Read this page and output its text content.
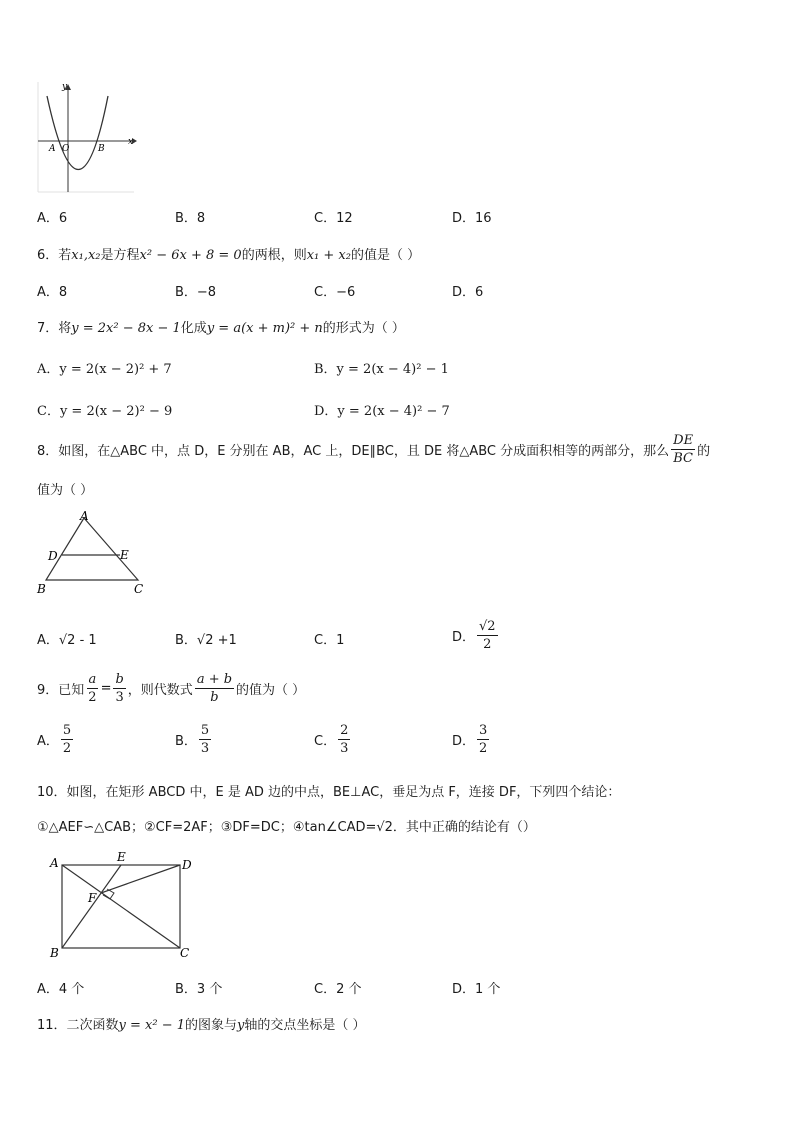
y
x
A O	B
A．6	B．8	C．12	D．16
6．若x₁,x₂是方程x² − 6x + 8 = 0的两根，则x₁ + x₂的值是（ ）
A．8	B．−8	C．−6	D．6
7．将y = 2x² − 8x − 1化成y = a(x + m)² + n的形式为（ ）
A．y = 2(x − 2)² + 7	B．y = 2(x − 4)² − 1
C．y = 2(x − 2)² − 9	D．y = 2(x − 4)² − 7
8．如图，在△ABC 中，点 D，E 分别在 AB，AC 上，DE∥BC，且 DE 将△ABC 分成面积相等的两部分，那么 $\frac{DE}{BC}$ 的
值为（ ）
A
D	E
B	C
A．√2 - 1	B．√2 +1	C．1	D． $\frac{√2}{2}$
9．已知 $\frac{a}{2} = \frac{b}{3}$ ，则代数式 $\frac{a + b}{b}$ 的值为（ ）
A． $\frac{5}{2}$	B． $\frac{5}{3}$	C． $\frac{2}{3}$	D． $\frac{3}{2}$
10．如图，在矩形 ABCD 中，E 是 AD 边的中点，BE⊥AC，垂足为点 F，连接 DF，下列四个结论：
①△AEF∽△CAB；②CF=2AF；③DF=DC；④tan∠CAD=√2．其中正确的结论有（）
A	E
D
F
B	C
A．4 个	B．3 个	C．2 个	D．1 个
11．二次函数y = x² − 1的图象与y轴的交点坐标是（ ）
